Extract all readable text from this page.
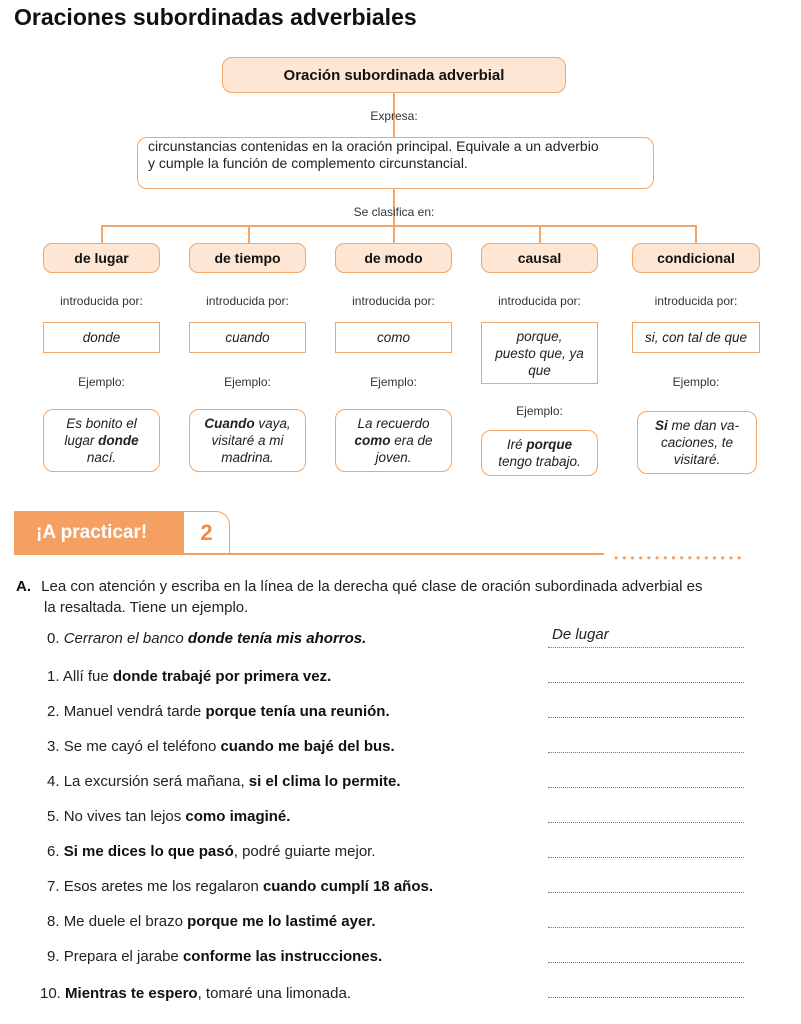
Oraciones subordinadas adverbiales
Oración subordinada adverbial
Expresa:
circunstancias contenidas en la oración principal. Equivale a un adverbio
y cumple la función de complemento circunstancial.
Se clasifica en:
de lugar
introducida por:
donde
Ejemplo:
Es bonito el
lugar donde
nací.
de tiempo
introducida por:
cuando
Ejemplo:
Cuando vaya,
visitaré a mi
madrina.
de modo
introducida por:
como
Ejemplo:
La recuerdo
como era de
joven.
causal
introducida por:
porque,
puesto que, ya
que
Ejemplo:
Iré porque
tengo trabajo.
condicional
introducida por:
si, con tal de que
Ejemplo:
Si me dan va-
caciones, te
visitaré.
¡A practicar! 2
••••••••••••••••
A. Lea con atención y escriba en la línea de la derecha qué clase de oración subordinada adverbial es
la resaltada. Tiene un ejemplo.
0. Cerraron el banco donde tenía mis ahorros.	De lugar
1. Allí fue donde trabajé por primera vez.
2. Manuel vendrá tarde porque tenía una reunión.
3. Se me cayó el teléfono cuando me bajé del bus.
4. La excursión será mañana, si el clima lo permite.
5. No vives tan lejos como imaginé.
6. Si me dices lo que pasó, podré guiarte mejor.
7. Esos aretes me los regalaron cuando cumplí 18 años.
8. Me duele el brazo porque me lo lastimé ayer.
9. Prepara el jarabe conforme las instrucciones.
10. Mientras te espero, tomaré una limonada.
